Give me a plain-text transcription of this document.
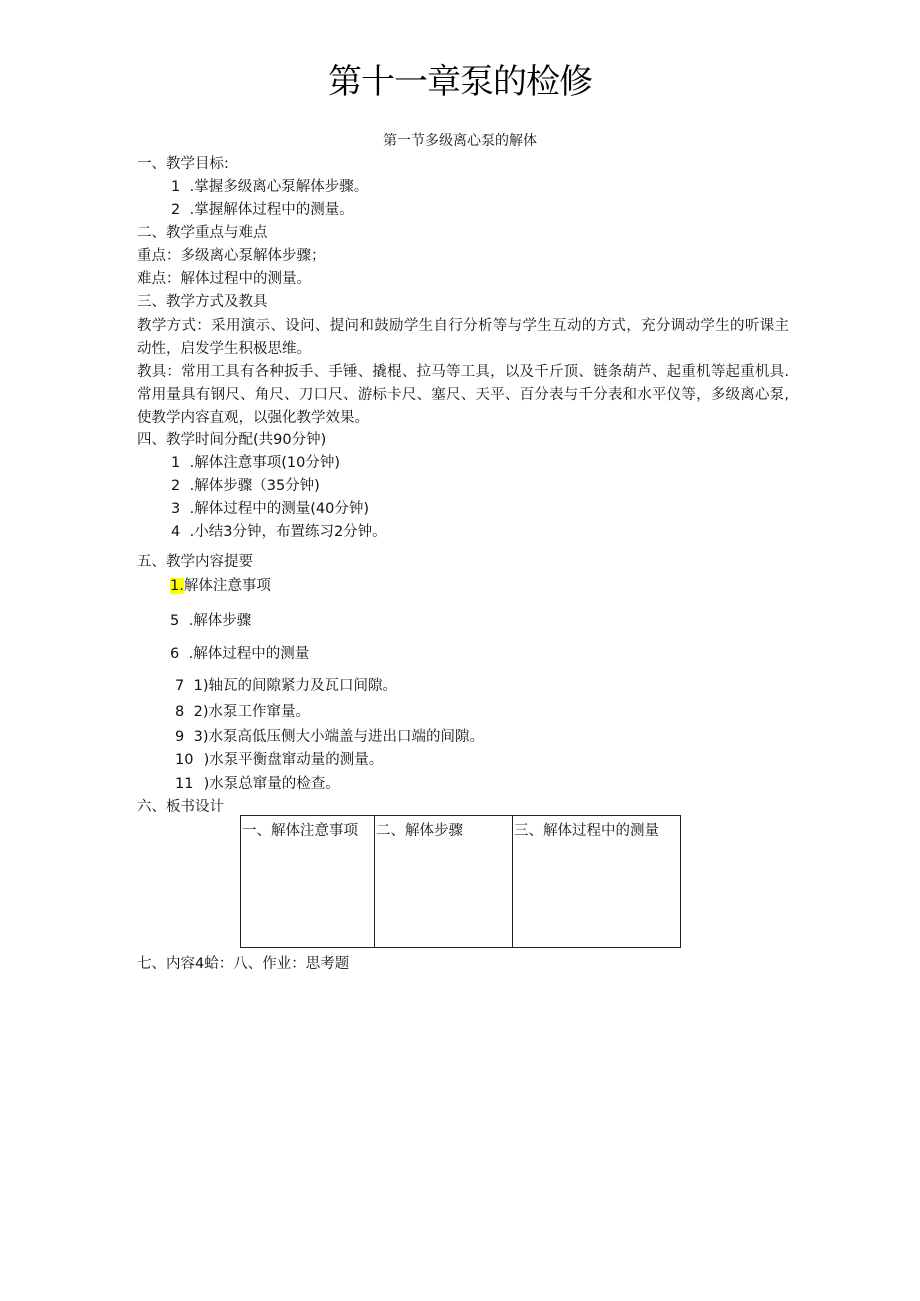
第十一章泵的检修
第一节多级离心泵的解体
一、教学目标:
1 .掌握多级离心泵解体步骤。
2 .掌握解体过程中的测量。
二、教学重点与难点
重点：多级离心泵解体步骤；
难点：解体过程中的测量。
三、教学方式及教具
教学方式：采用演示、设问、提问和鼓励学生自行分析等与学生互动的方式，充分调动学生的听课主动性，启发学生积极思维。
教具：常用工具有各种扳手、手锤、撬棍、拉马等工具，以及千斤顶、链条葫芦、起重机等起重机具.常用量具有钢尺、角尺、刀口尺、游标卡尺、塞尺、天平、百分表与千分表和水平仪等，多级离心泵,使教学内容直观，以强化教学效果。
四、教学时间分配(共90分钟)
1 .解体注意事项(10分钟)
2 .解体步骤（35分钟)
3 .解体过程中的测量(40分钟)
4 .小结3分钟，布置练习2分钟。
五、教学内容提要
1.解体注意事项
5 .解体步骤
6 .解体过程中的测量
7 1)轴瓦的间隙紧力及瓦口间隙。
8 2)水泵工作窜量。
9 3)水泵高低压侧大小端盖与进出口端的间隙。
10 )水泵平衡盘窜动量的测量。
11 )水泵总窜量的检查。
六、板书设计
一、解体注意事项	二、解体步骤	三、解体过程中的测量
七、内容4蛤：八、作业：思考题
